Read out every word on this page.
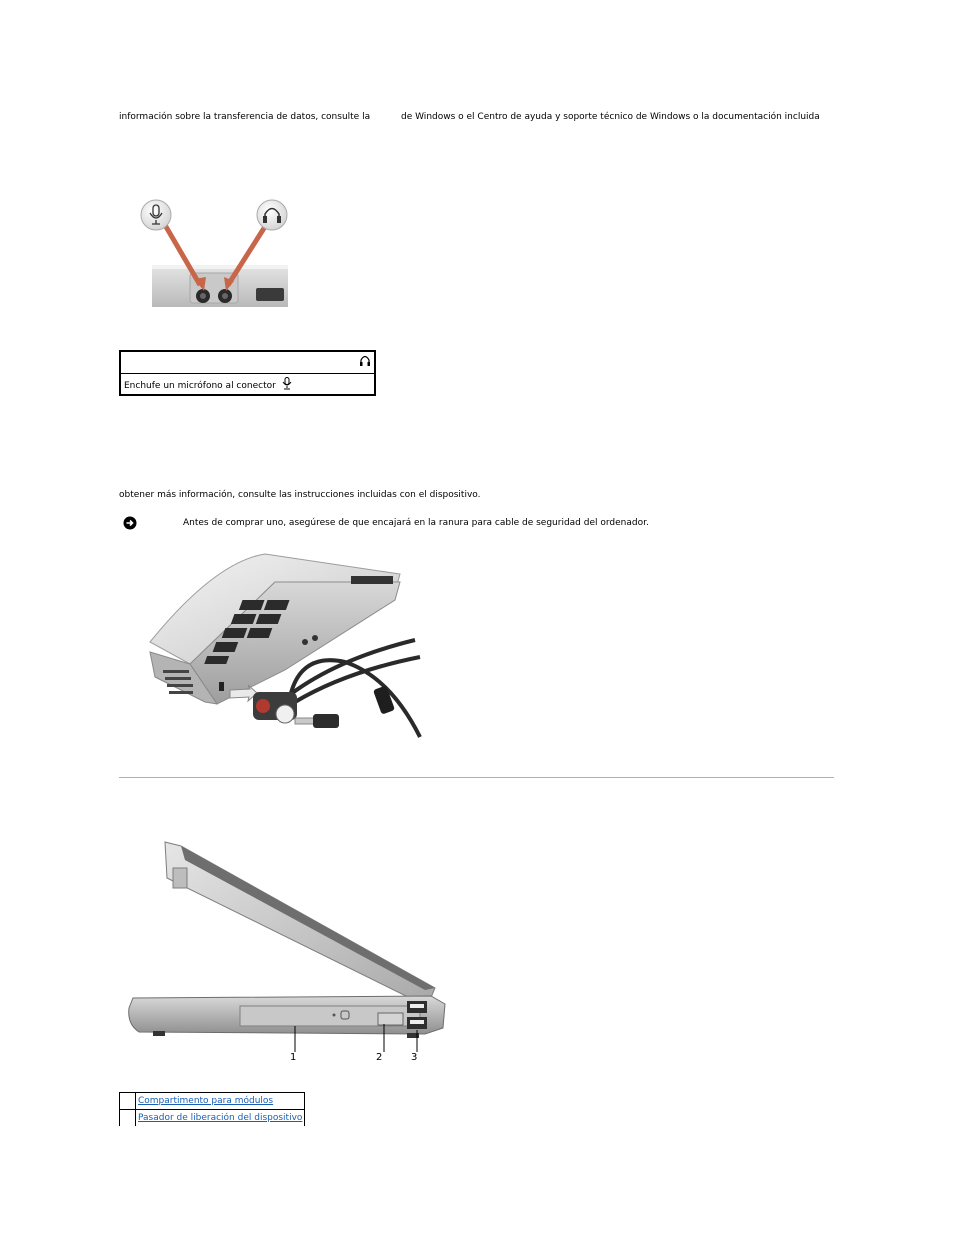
información sobre la transferencia de datos, consulte la	de Windows o el Centro de ayuda y soporte técnico de Windows o la documentación incluida

Enchufe un micrófono al conector
obtener más información, consulte las instrucciones incluidas con el dispositivo.
Antes de comprar uno, asegúrese de que encajará en la ranura para cable de seguridad del ordenador.
1	2	3
	Compartimento para módulos
	Pasador de liberación del dispositivo
